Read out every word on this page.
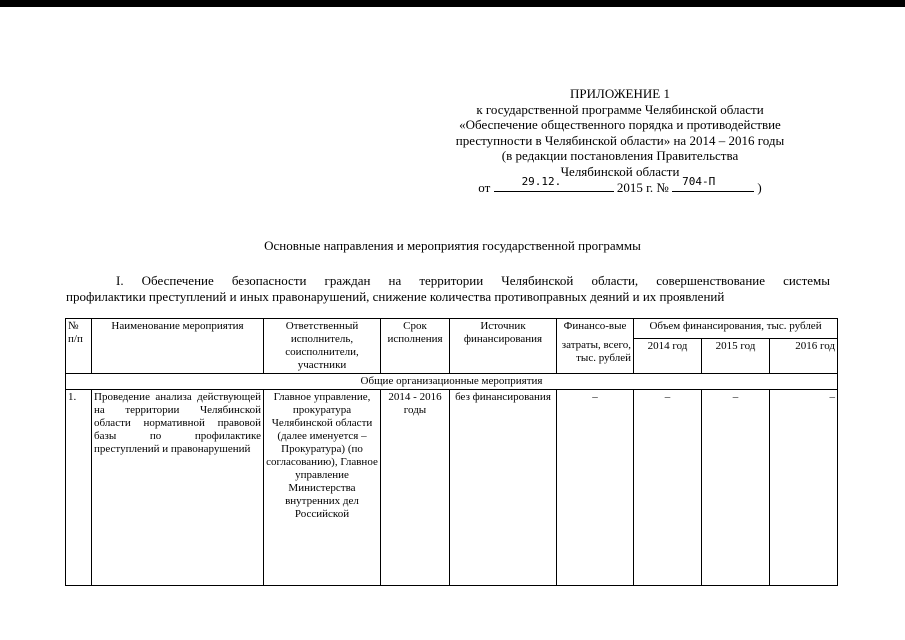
ПРИЛОЖЕНИЕ 1
к государственной программе Челябинской области
«Обеспечение общественного порядка и противодействие
преступности в Челябинской области» на 2014 – 2016 годы
(в редакции постановления Правительства
Челябинской области
от	29.12.	2015 г. № 704-П	)
Основные направления и мероприятия государственной программы
I. Обеспечение безопасности граждан на территории Челябинской области, совершенствование системы
профилактики преступлений и иных правонарушений, снижение количества противоправных деяний и их проявлений
№ п/п	Наименование мероприятия	Ответственный исполнитель, соисполнители, участники	Срок исполнения	Источник финансирования	Финансо-вые	Объем финансирования, тыс. рублей		
					затраты, всего, тыс. рублей	2014 год	2015 год	2016 год
Общие организационные мероприятия								
1.	Проведение анализа действующей на территории Челябинской области нормативной правовой базы по профилактике преступлений и правонарушений	Главное управление, прокуратура Челябинской области (далее именуется – Прокуратура) (по согласованию), Главное управление Министерства внутренних дел Российской	2014 - 2016 годы	без финансирования	–	–	–	–
